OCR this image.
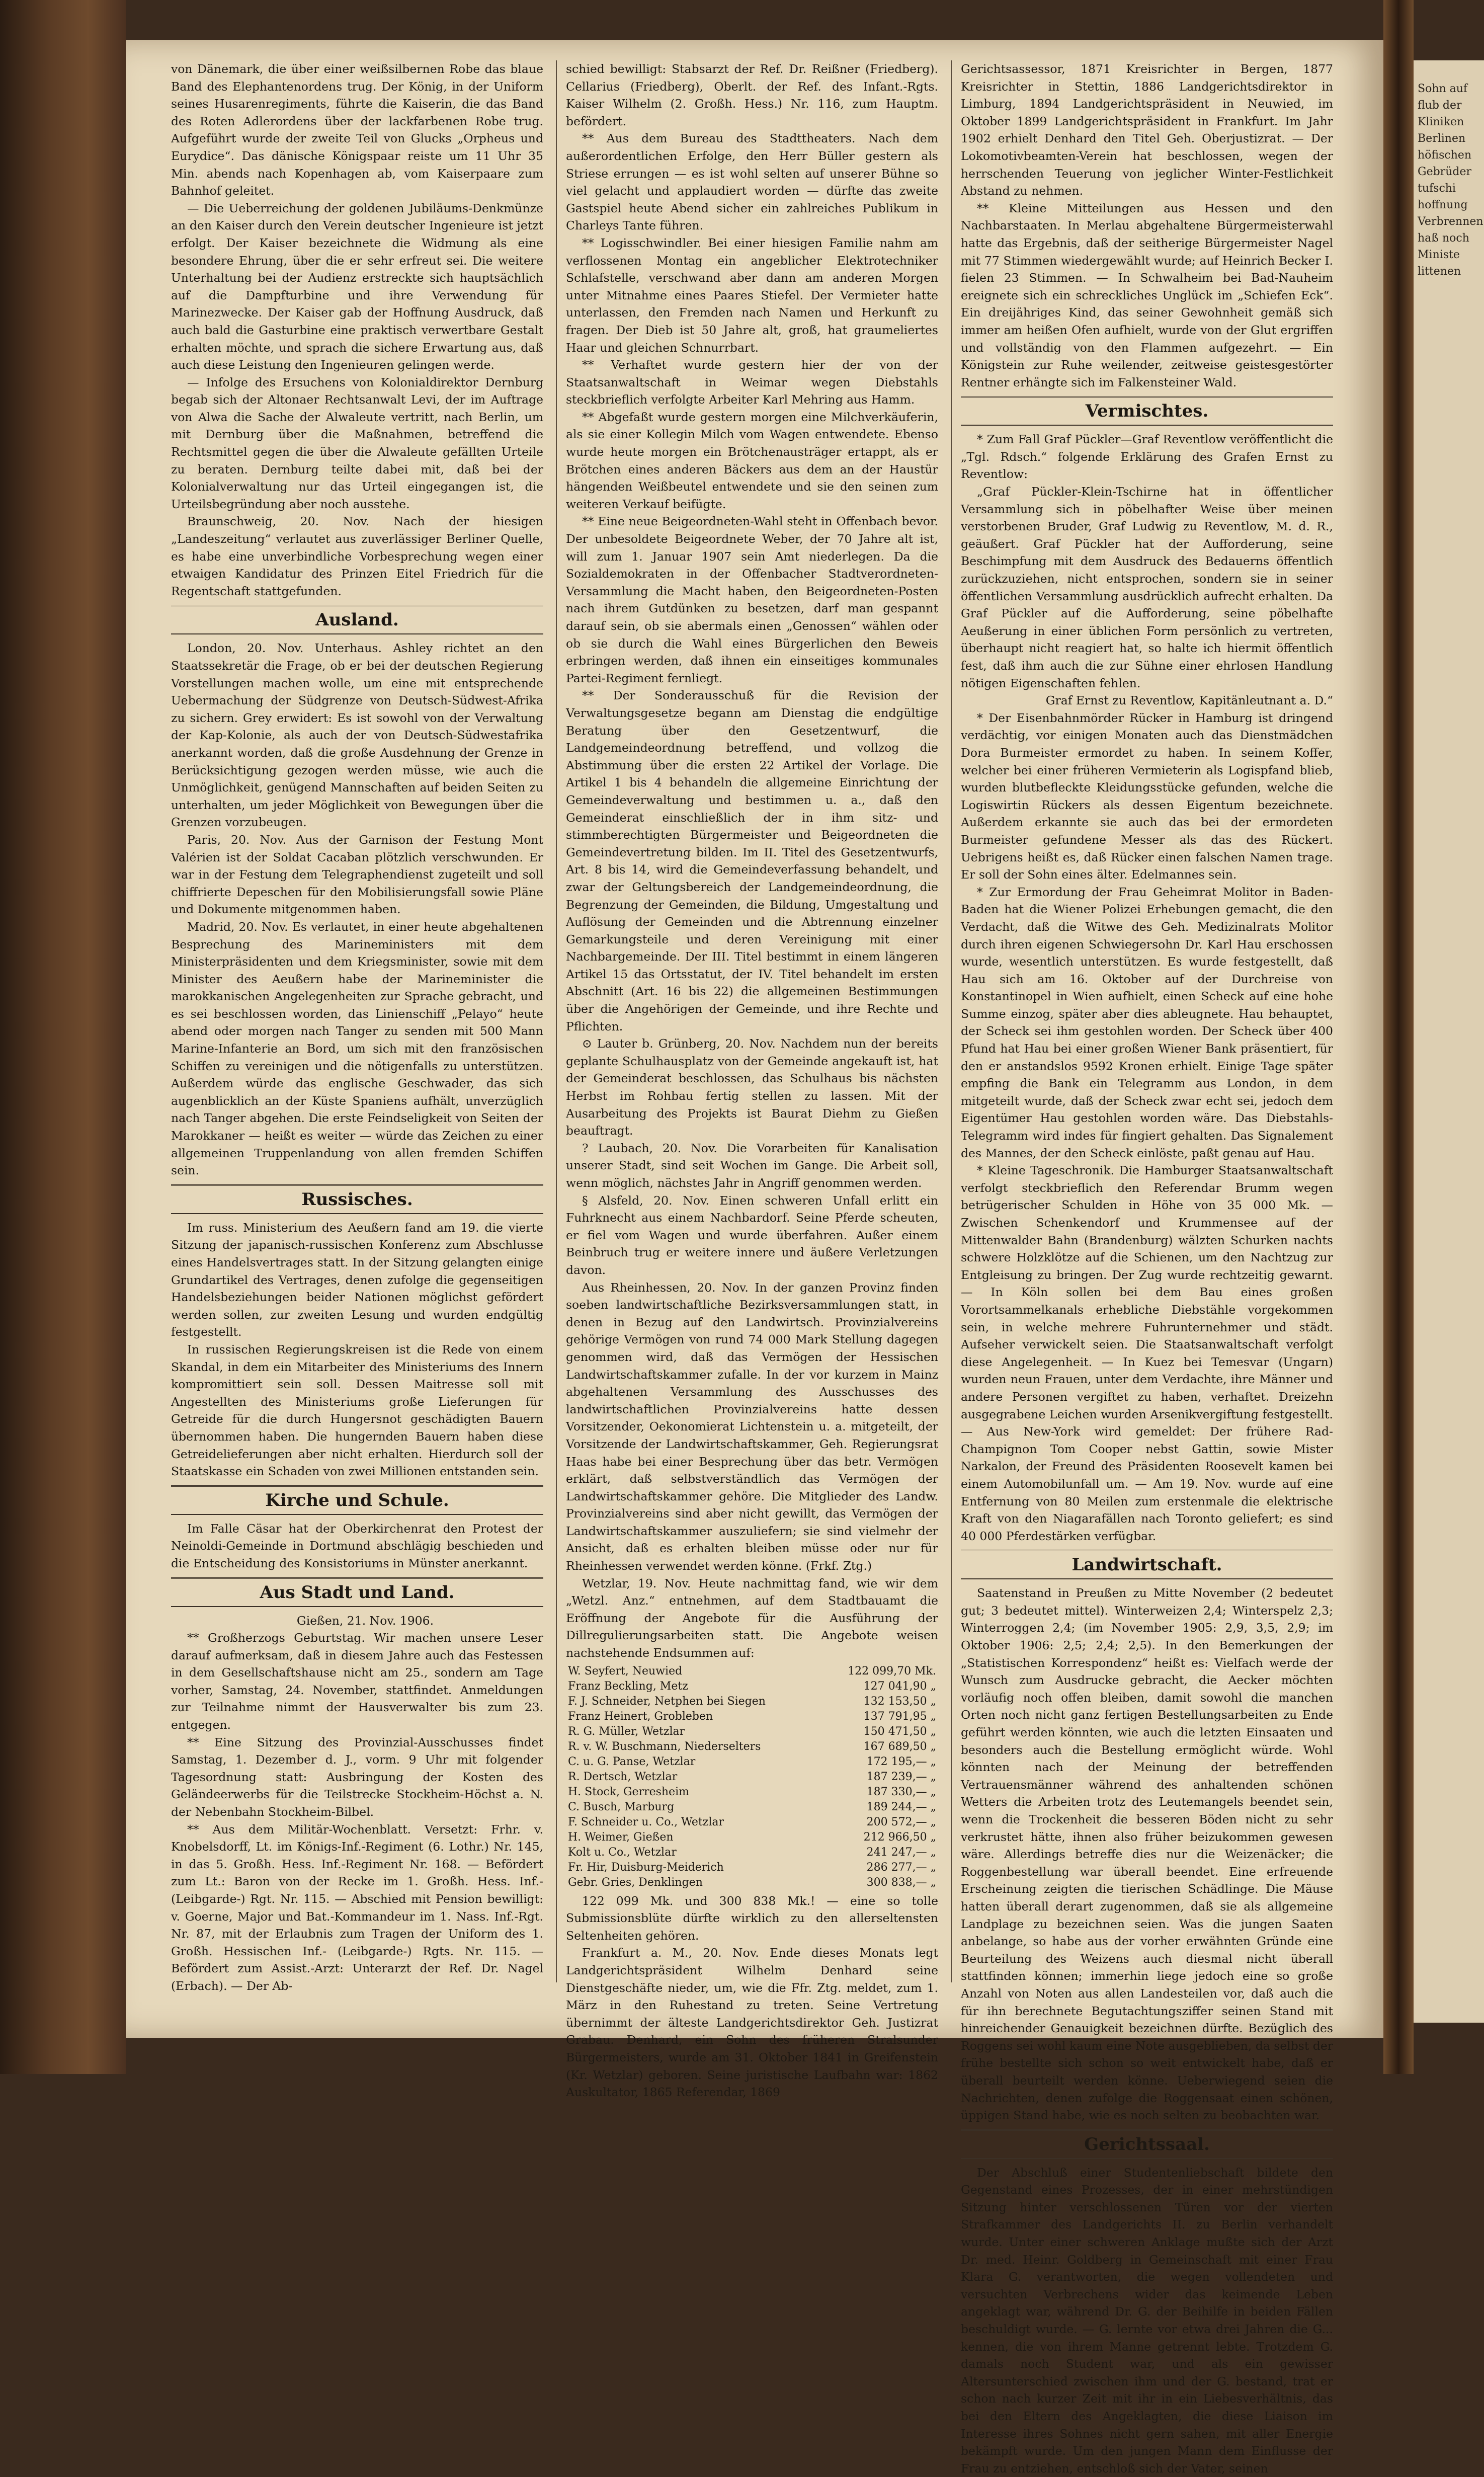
Sohn auf
flub der
Kliniken
Berlinen
höfischen
Gebrüder
tufschi
hoffnung
Verbrennen
haß noch
Ministe
littenen

von Dänemark, die über einer weißsilbernen Robe das blaue Band des Elephantenordens trug. Der König, in der Uniform seines Husarenregiments, führte die Kaiserin, die das Band des Roten Adlerordens über der lackfarbenen Robe trug. Aufgeführt wurde der zweite Teil von Glucks „Orpheus und Eurydice“. Das dänische Königspaar reiste um 11 Uhr 35 Min. abends nach Kopenhagen ab, vom Kaiserpaare zum Bahnhof geleitet.

— Die Ueberreichung der goldenen Jubiläums-Denkmünze an den Kaiser durch den Verein deutscher Ingenieure ist jetzt erfolgt. Der Kaiser bezeichnete die Widmung als eine besondere Ehrung, über die er sehr erfreut sei. Die weitere Unterhaltung bei der Audienz erstreckte sich hauptsächlich auf die Dampfturbine und ihre Verwendung für Marinezwecke. Der Kaiser gab der Hoffnung Ausdruck, daß auch bald die Gasturbine eine praktisch verwertbare Gestalt erhalten möchte, und sprach die sichere Erwartung aus, daß auch diese Leistung den Ingenieuren gelingen werde.

— Infolge des Ersuchens von Kolonialdirektor Dernburg begab sich der Altonaer Rechtsanwalt Levi, der im Auftrage von Alwa die Sache der Alwaleute vertritt, nach Berlin, um mit Dernburg über die Maßnahmen, betreffend die Rechtsmittel gegen die über die Alwaleute gefällten Urteile zu beraten. Dernburg teilte dabei mit, daß bei der Kolonialverwaltung nur das Urteil eingegangen ist, die Urteilsbegründung aber noch ausstehe.

Braunschweig, 20. Nov. Nach der hiesigen „Landeszeitung“ verlautet aus zuverlässiger Berliner Quelle, es habe eine unverbindliche Vorbesprechung wegen einer etwaigen Kandidatur des Prinzen Eitel Friedrich für die Regentschaft stattgefunden.

Ausland.

London, 20. Nov. Unterhaus. Ashley richtet an den Staatssekretär die Frage, ob er bei der deutschen Regierung Vorstellungen machen wolle, um eine mit entsprechende Uebermachung der Südgrenze von Deutsch-Südwest-Afrika zu sichern. Grey erwidert: Es ist sowohl von der Verwaltung der Kap-Kolonie, als auch der von Deutsch-Südwestafrika anerkannt worden, daß die große Ausdehnung der Grenze in Berücksichtigung gezogen werden müsse, wie auch die Unmöglichkeit, genügend Mannschaften auf beiden Seiten zu unterhalten, um jeder Möglichkeit von Bewegungen über die Grenzen vorzubeugen.

Paris, 20. Nov. Aus der Garnison der Festung Mont Valérien ist der Soldat Cacaban plötzlich verschwunden. Er war in der Festung dem Telegraphendienst zugeteilt und soll chiffrierte Depeschen für den Mobilisierungsfall sowie Pläne und Dokumente mitgenommen haben.

Madrid, 20. Nov. Es verlautet, in einer heute abgehaltenen Besprechung des Marineministers mit dem Ministerpräsidenten und dem Kriegsminister, sowie mit dem Minister des Aeußern habe der Marineminister die marokkanischen Angelegenheiten zur Sprache gebracht, und es sei beschlossen worden, das Linienschiff „Pelayo“ heute abend oder morgen nach Tanger zu senden mit 500 Mann Marine-Infanterie an Bord, um sich mit den französischen Schiffen zu vereinigen und die nötigenfalls zu unterstützen. Außerdem würde das englische Geschwader, das sich augenblicklich an der Küste Spaniens aufhält, unverzüglich nach Tanger abgehen. Die erste Feindseligkeit von Seiten der Marokkaner — heißt es weiter — würde das Zeichen zu einer allgemeinen Truppenlandung von allen fremden Schiffen sein.

Russisches.

Im russ. Ministerium des Aeußern fand am 19. die vierte Sitzung der japanisch-russischen Konferenz zum Abschlusse eines Handelsvertrages statt. In der Sitzung gelangten einige Grundartikel des Vertrages, denen zufolge die gegenseitigen Handelsbeziehungen beider Nationen möglichst gefördert werden sollen, zur zweiten Lesung und wurden endgültig festgestellt.

In russischen Regierungskreisen ist die Rede von einem Skandal, in dem ein Mitarbeiter des Ministeriums des Innern kompromittiert sein soll. Dessen Maitresse soll mit Angestellten des Ministeriums große Lieferungen für Getreide für die durch Hungersnot geschädigten Bauern übernommen haben. Die hungernden Bauern haben diese Getreidelieferungen aber nicht erhalten. Hierdurch soll der Staatskasse ein Schaden von zwei Millionen entstanden sein.

Kirche und Schule.

Im Falle Cäsar hat der Oberkirchenrat den Protest der Neinoldi-Gemeinde in Dortmund abschlägig beschieden und die Entscheidung des Konsistoriums in Münster anerkannt.

Aus Stadt und Land.

Gießen, 21. Nov. 1906.

** Großherzogs Geburtstag. Wir machen unsere Leser darauf aufmerksam, daß in diesem Jahre auch das Festessen in dem Gesellschaftshause nicht am 25., sondern am Tage vorher, Samstag, 24. November, stattfindet. Anmeldungen zur Teilnahme nimmt der Hausverwalter bis zum 23. entgegen.

** Eine Sitzung des Provinzial-Ausschusses findet Samstag, 1. Dezember d. J., vorm. 9 Uhr mit folgender Tagesordnung statt: Ausbringung der Kosten des Geländeerwerbs für die Teilstrecke Stockheim-Höchst a. N. der Nebenbahn Stockheim-Bilbel.

** Aus dem Militär-Wochenblatt. Versetzt: Frhr. v. Knobelsdorff, Lt. im Königs-Inf.-Regiment (6. Lothr.) Nr. 145, in das 5. Großh. Hess. Inf.-Regiment Nr. 168. — Befördert zum Lt.: Baron von der Recke im 1. Großh. Hess. Inf.- (Leibgarde-) Rgt. Nr. 115. — Abschied mit Pension bewilligt: v. Goerne, Major und Bat.-Kommandeur im 1. Nass. Inf.-Rgt. Nr. 87, mit der Erlaubnis zum Tragen der Uniform des 1. Großh. Hessischen Inf.- (Leibgarde-) Rgts. Nr. 115. — Befördert zum Assist.-Arzt: Unterarzt der Ref. Dr. Nagel (Erbach). — Der Ab-

schied bewilligt: Stabsarzt der Ref. Dr. Reißner (Friedberg). Cellarius (Friedberg), Oberlt. der Ref. des Infant.-Rgts. Kaiser Wilhelm (2. Großh. Hess.) Nr. 116, zum Hauptm. befördert.

** Aus dem Bureau des Stadttheaters. Nach dem außerordentlichen Erfolge, den Herr Büller gestern als Striese errungen — es ist wohl selten auf unserer Bühne so viel gelacht und applaudiert worden — dürfte das zweite Gastspiel heute Abend sicher ein zahlreiches Publikum in Charleys Tante führen.

** Logisschwindler. Bei einer hiesigen Familie nahm am verflossenen Montag ein angeblicher Elektrotechniker Schlafstelle, verschwand aber dann am anderen Morgen unter Mitnahme eines Paares Stiefel. Der Vermieter hatte unterlassen, den Fremden nach Namen und Herkunft zu fragen. Der Dieb ist 50 Jahre alt, groß, hat graumeliertes Haar und gleichen Schnurrbart.

** Verhaftet wurde gestern hier der von der Staatsanwaltschaft in Weimar wegen Diebstahls steckbrieflich verfolgte Arbeiter Karl Mehring aus Hamm.

** Abgefaßt wurde gestern morgen eine Milchverkäuferin, als sie einer Kollegin Milch vom Wagen entwendete. Ebenso wurde heute morgen ein Brötchenausträger ertappt, als er Brötchen eines anderen Bäckers aus dem an der Haustür hängenden Weißbeutel entwendete und sie den seinen zum weiteren Verkauf beifügte.

** Eine neue Beigeordneten-Wahl steht in Offenbach bevor. Der unbesoldete Beigeordnete Weber, der 70 Jahre alt ist, will zum 1. Januar 1907 sein Amt niederlegen. Da die Sozialdemokraten in der Offenbacher Stadtverordneten-Versammlung die Macht haben, den Beigeordneten-Posten nach ihrem Gutdünken zu besetzen, darf man gespannt darauf sein, ob sie abermals einen „Genossen“ wählen oder ob sie durch die Wahl eines Bürgerlichen den Beweis erbringen werden, daß ihnen ein einseitiges kommunales Partei-Regiment fernliegt.

** Der Sonderausschuß für die Revision der Verwaltungsgesetze begann am Dienstag die endgültige Beratung über den Gesetzentwurf, die Landgemeindeordnung betreffend, und vollzog die Abstimmung über die ersten 22 Artikel der Vorlage. Die Artikel 1 bis 4 behandeln die allgemeine Einrichtung der Gemeindeverwaltung und bestimmen u. a., daß den Gemeinderat einschließlich der in ihm sitz- und stimmberechtigten Bürgermeister und Beigeordneten die Gemeindevertretung bilden. Im II. Titel des Gesetzentwurfs, Art. 8 bis 14, wird die Gemeindeverfassung behandelt, und zwar der Geltungsbereich der Landgemeindeordnung, die Begrenzung der Gemeinden, die Bildung, Umgestaltung und Auflösung der Gemeinden und die Abtrennung einzelner Gemarkungsteile und deren Vereinigung mit einer Nachbargemeinde. Der III. Titel bestimmt in einem längeren Artikel 15 das Ortsstatut, der IV. Titel behandelt im ersten Abschnitt (Art. 16 bis 22) die allgemeinen Bestimmungen über die Angehörigen der Gemeinde, und ihre Rechte und Pflichten.

⊙ Lauter b. Grünberg, 20. Nov. Nachdem nun der bereits geplante Schulhausplatz von der Gemeinde angekauft ist, hat der Gemeinderat beschlossen, das Schulhaus bis nächsten Herbst im Rohbau fertig stellen zu lassen. Mit der Ausarbeitung des Projekts ist Baurat Diehm zu Gießen beauftragt.

? Laubach, 20. Nov. Die Vorarbeiten für Kanalisation unserer Stadt, sind seit Wochen im Gange. Die Arbeit soll, wenn möglich, nächstes Jahr in Angriff genommen werden.

§ Alsfeld, 20. Nov. Einen schweren Unfall erlitt ein Fuhrknecht aus einem Nachbardorf. Seine Pferde scheuten, er fiel vom Wagen und wurde überfahren. Außer einem Beinbruch trug er weitere innere und äußere Verletzungen davon.

Aus Rheinhessen, 20. Nov. In der ganzen Provinz finden soeben landwirtschaftliche Bezirksversammlungen statt, in denen in Bezug auf den Landwirtsch. Provinzialvereins gehörige Vermögen von rund 74 000 Mark Stellung dagegen genommen wird, daß das Vermögen der Hessischen Landwirtschaftskammer zufalle. In der vor kurzem in Mainz abgehaltenen Versammlung des Ausschusses des landwirtschaftlichen Provinzialvereins hatte dessen Vorsitzender, Oekonomierat Lichtenstein u. a. mitgeteilt, der Vorsitzende der Landwirtschaftskammer, Geh. Regierungsrat Haas habe bei einer Besprechung über das betr. Vermögen erklärt, daß selbstverständlich das Vermögen der Landwirtschaftskammer gehöre. Die Mitglieder des Landw. Provinzialvereins sind aber nicht gewillt, das Vermögen der Landwirtschaftskammer auszuliefern; sie sind vielmehr der Ansicht, daß es erhalten bleiben müsse oder nur für Rheinhessen verwendet werden könne. (Frkf. Ztg.)

Wetzlar, 19. Nov. Heute nachmittag fand, wie wir dem „Wetzl. Anz.“ entnehmen, auf dem Stadtbauamt die Eröffnung der Angebote für die Ausführung der Dillregulierungsarbeiten statt. Die Angebote weisen nachstehende Endsummen auf:

W. Seyfert, Neuwied	122 099,70 Mk.
Franz Beckling, Metz	127 041,90 „
F. J. Schneider, Netphen bei Siegen	132 153,50 „
Franz Heinert, Grobleben	137 791,95 „
R. G. Müller, Wetzlar	150 471,50 „
R. v. W. Buschmann, Niederselters	167 689,50 „
C. u. G. Panse, Wetzlar	172 195,— „
R. Dertsch, Wetzlar	187 239,— „
H. Stock, Gerresheim	187 330,— „
C. Busch, Marburg	189 244,— „
F. Schneider u. Co., Wetzlar	200 572,— „
H. Weimer, Gießen	212 966,50 „
Kolt u. Co., Wetzlar	241 247,— „
Fr. Hir, Duisburg-Meiderich	286 277,— „
Gebr. Gries, Denklingen	300 838,— „

122 099 Mk. und 300 838 Mk.! — eine so tolle Submissionsblüte dürfte wirklich zu den allerseltensten Seltenheiten gehören.

Frankfurt a. M., 20. Nov. Ende dieses Monats legt Landgerichtspräsident Wilhelm Denhard seine Dienstgeschäfte nieder, um, wie die Ffr. Ztg. meldet, zum 1. März in den Ruhestand zu treten. Seine Vertretung übernimmt der älteste Landgerichtsdirektor Geh. Justizrat Grabau. Denhard, ein Sohn des früheren Stralsunder Bürgermeisters, wurde am 31. Oktober 1841 in Greifenstein (Kr. Wetzlar) geboren. Seine juristische Laufbahn war: 1862 Auskultator, 1865 Referendar, 1869

Gerichtsassessor, 1871 Kreisrichter in Bergen, 1877 Kreisrichter in Stettin, 1886 Landgerichtsdirektor in Limburg, 1894 Landgerichtspräsident in Neuwied, im Oktober 1899 Landgerichtspräsident in Frankfurt. Im Jahr 1902 erhielt Denhard den Titel Geh. Oberjustizrat. — Der Lokomotivbeamten-Verein hat beschlossen, wegen der herrschenden Teuerung von jeglicher Winter-Festlichkeit Abstand zu nehmen.

** Kleine Mitteilungen aus Hessen und den Nachbarstaaten. In Merlau abgehaltene Bürgermeisterwahl hatte das Ergebnis, daß der seitherige Bürgermeister Nagel mit 77 Stimmen wiedergewählt wurde; auf Heinrich Becker I. fielen 23 Stimmen. — In Schwalheim bei Bad-Nauheim ereignete sich ein schreckliches Unglück im „Schiefen Eck“. Ein dreijähriges Kind, das seiner Gewohnheit gemäß sich immer am heißen Ofen aufhielt, wurde von der Glut ergriffen und vollständig von den Flammen aufgezehrt. — Ein Königstein zur Ruhe weilender, zeitweise geistesgestörter Rentner erhängte sich im Falkensteiner Wald.

Vermischtes.

* Zum Fall Graf Pückler—Graf Reventlow veröffentlicht die „Tgl. Rdsch.“ folgende Erklärung des Grafen Ernst zu Reventlow:

„Graf Pückler-Klein-Tschirne hat in öffentlicher Versammlung sich in pöbelhafter Weise über meinen verstorbenen Bruder, Graf Ludwig zu Reventlow, M. d. R., geäußert. Graf Pückler hat der Aufforderung, seine Beschimpfung mit dem Ausdruck des Bedauerns öffentlich zurückzuziehen, nicht entsprochen, sondern sie in seiner öffentlichen Versammlung ausdrücklich aufrecht erhalten. Da Graf Pückler auf die Aufforderung, seine pöbelhafte Aeußerung in einer üblichen Form persönlich zu vertreten, überhaupt nicht reagiert hat, so halte ich hiermit öffentlich fest, daß ihm auch die zur Sühne einer ehrlosen Handlung nötigen Eigenschaften fehlen.

Graf Ernst zu Reventlow, Kapitänleutnant a. D.“

* Der Eisenbahnmörder Rücker in Hamburg ist dringend verdächtig, vor einigen Monaten auch das Dienstmädchen Dora Burmeister ermordet zu haben. In seinem Koffer, welcher bei einer früheren Vermieterin als Logispfand blieb, wurden blutbefleckte Kleidungsstücke gefunden, welche die Logiswirtin Rückers als dessen Eigentum bezeichnete. Außerdem erkannte sie auch das bei der ermordeten Burmeister gefundene Messer als das des Rückert. Uebrigens heißt es, daß Rücker einen falschen Namen trage. Er soll der Sohn eines älter. Edelmannes sein.

* Zur Ermordung der Frau Geheimrat Molitor in Baden-Baden hat die Wiener Polizei Erhebungen gemacht, die den Verdacht, daß die Witwe des Geh. Medizinalrats Molitor durch ihren eigenen Schwiegersohn Dr. Karl Hau erschossen wurde, wesentlich unterstützen. Es wurde festgestellt, daß Hau sich am 16. Oktober auf der Durchreise von Konstantinopel in Wien aufhielt, einen Scheck auf eine hohe Summe einzog, später aber dies ableugnete. Hau behauptet, der Scheck sei ihm gestohlen worden. Der Scheck über 400 Pfund hat Hau bei einer großen Wiener Bank präsentiert, für den er anstandslos 9592 Kronen erhielt. Einige Tage später empfing die Bank ein Telegramm aus London, in dem mitgeteilt wurde, daß der Scheck zwar echt sei, jedoch dem Eigentümer Hau gestohlen worden wäre. Das Diebstahls-Telegramm wird indes für fingiert gehalten. Das Signalement des Mannes, der den Scheck einlöste, paßt genau auf Hau.

* Kleine Tageschronik. Die Hamburger Staatsanwaltschaft verfolgt steckbrieflich den Referendar Brumm wegen betrügerischer Schulden in Höhe von 35 000 Mk. — Zwischen Schenkendorf und Krummensee auf der Mittenwalder Bahn (Brandenburg) wälzten Schurken nachts schwere Holzklötze auf die Schienen, um den Nachtzug zur Entgleisung zu bringen. Der Zug wurde rechtzeitig gewarnt. — In Köln sollen bei dem Bau eines großen Vorortsammelkanals erhebliche Diebstähle vorgekommen sein, in welche mehrere Fuhrunternehmer und städt. Aufseher verwickelt seien. Die Staatsanwaltschaft verfolgt diese Angelegenheit. — In Kuez bei Temesvar (Ungarn) wurden neun Frauen, unter dem Verdachte, ihre Männer und andere Personen vergiftet zu haben, verhaftet. Dreizehn ausgegrabene Leichen wurden Arsenikvergiftung festgestellt. — Aus New-York wird gemeldet: Der frühere Rad-Champignon Tom Cooper nebst Gattin, sowie Mister Narkalon, der Freund des Präsidenten Roosevelt kamen bei einem Automobilunfall um. — Am 19. Nov. wurde auf eine Entfernung von 80 Meilen zum erstenmale die elektrische Kraft von den Niagarafällen nach Toronto geliefert; es sind 40 000 Pferdestärken verfügbar.

Landwirtschaft.

Saatenstand in Preußen zu Mitte November (2 bedeutet gut; 3 bedeutet mittel). Winterweizen 2,4; Winterspelz 2,3; Winterroggen 2,4; (im November 1905: 2,9, 3,5, 2,9; im Oktober 1906: 2,5; 2,4; 2,5). In den Bemerkungen der „Statistischen Korrespondenz“ heißt es: Vielfach werde der Wunsch zum Ausdrucke gebracht, die Aecker möchten vorläufig noch offen bleiben, damit sowohl die manchen Orten noch nicht ganz fertigen Bestellungsarbeiten zu Ende geführt werden könnten, wie auch die letzten Einsaaten und besonders auch die Bestellung ermöglicht würde. Wohl könnten nach der Meinung der betreffenden Vertrauensmänner während des anhaltenden schönen Wetters die Arbeiten trotz des Leutemangels beendet sein, wenn die Trockenheit die besseren Böden nicht zu sehr verkrustet hätte, ihnen also früher beizukommen gewesen wäre. Allerdings betreffe dies nur die Weizenäcker; die Roggenbestellung war überall beendet. Eine erfreuende Erscheinung zeigten die tierischen Schädlinge. Die Mäuse hatten überall derart zugenommen, daß sie als allgemeine Landplage zu bezeichnen seien. Was die jungen Saaten anbelange, so habe aus der vorher erwähnten Gründe eine Beurteilung des Weizens auch diesmal nicht überall stattfinden können; immerhin liege jedoch eine so große Anzahl von Noten aus allen Landesteilen vor, daß auch die für ihn berechnete Begutachtungsziffer seinen Stand mit hinreichender Genauigkeit bezeichnen dürfte. Bezüglich des Roggens sei wohl kaum eine Note ausgeblieben, da selbst der frühe bestellte sich schon so weit entwickelt habe, daß er überall beurteilt werden könne. Ueberwiegend seien die Nachrichten, denen zufolge die Roggensaat einen schönen, üppigen Stand habe, wie es noch selten zu beobachten war.

Gerichtssaal.

Der Abschluß einer Studentenliebschaft bildete den Gegenstand eines Prozesses, der in einer mehrstündigen Sitzung hinter verschlossenen Türen vor der vierten Strafkammer des Landgerichts II. zu Berlin verhandelt wurde. Unter einer schweren Anklage mußte sich der Arzt Dr. med. Heinr. Goldberg in Gemeinschaft mit einer Frau Klara G. verantworten, die wegen vollendeten und versuchten Verbrechens wider das keimende Leben angeklagt war, während Dr. G. der Beihilfe in beiden Fällen beschuldigt wurde. — G. lernte vor etwa drei Jahren die G... kennen, die von ihrem Manne getrennt lebte. Trotzdem G. damals noch Student war, und als ein gewisser Altersunterschied zwischen ihm und der G. bestand, trat er schon nach kurzer Zeit mit ihr in ein Liebesverhältnis, das bei den Eltern des Angeklagten, die diese Liaison im Interesse ihres Sohnes nicht gern sahen, mit aller Energie bekämpft wurde. Um den jungen Mann dem Einflusse der Frau zu entziehen, entschloß sich der Vater, seinen
